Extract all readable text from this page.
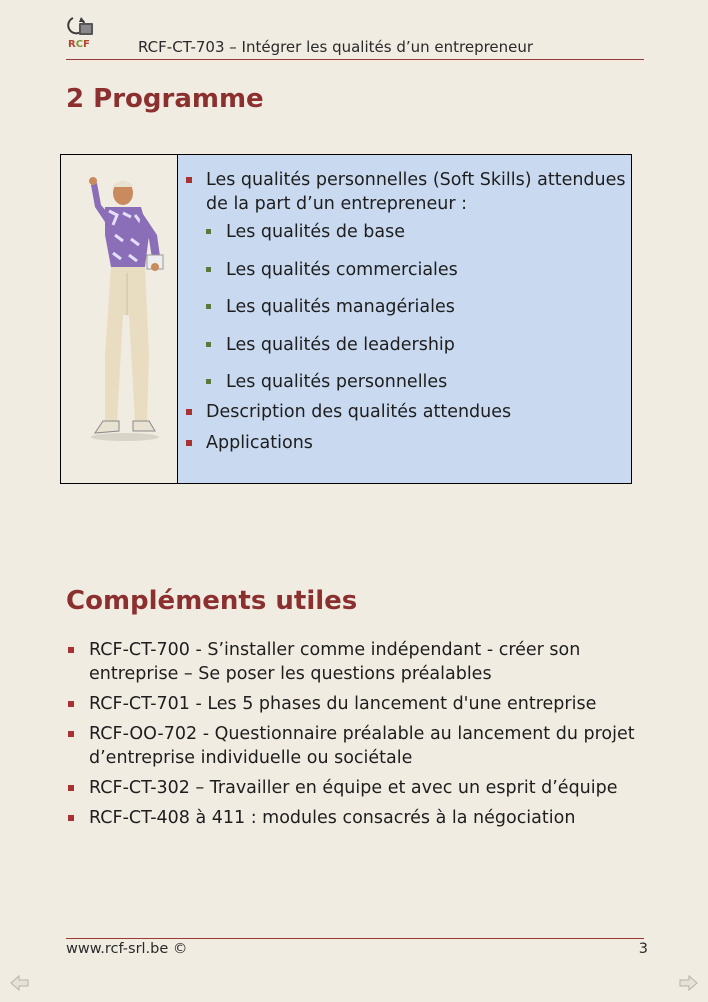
RCF	RCF-CT-703 – Intégrer les qualités d’un entrepreneur
2 Programme
Les qualités personnelles (Soft Skills) attendues de la part d’un entrepreneur :
Les qualités de base
Les qualités commerciales
Les qualités managériales
Les qualités de leadership
Les qualités personnelles
Description des qualités attendues
Applications
Compléments utiles
RCF-CT-700 - S’installer comme indépendant - créer son entreprise – Se poser les questions préalables
RCF-CT-701 - Les 5 phases du lancement d'une entreprise
RCF-OO-702 - Questionnaire préalable au lancement du projet d’entreprise individuelle ou sociétale
RCF-CT-302 – Travailler en équipe et avec un esprit d’équipe
RCF-CT-408 à 411 : modules consacrés à la négociation
www.rcf-srl.be ©	3
